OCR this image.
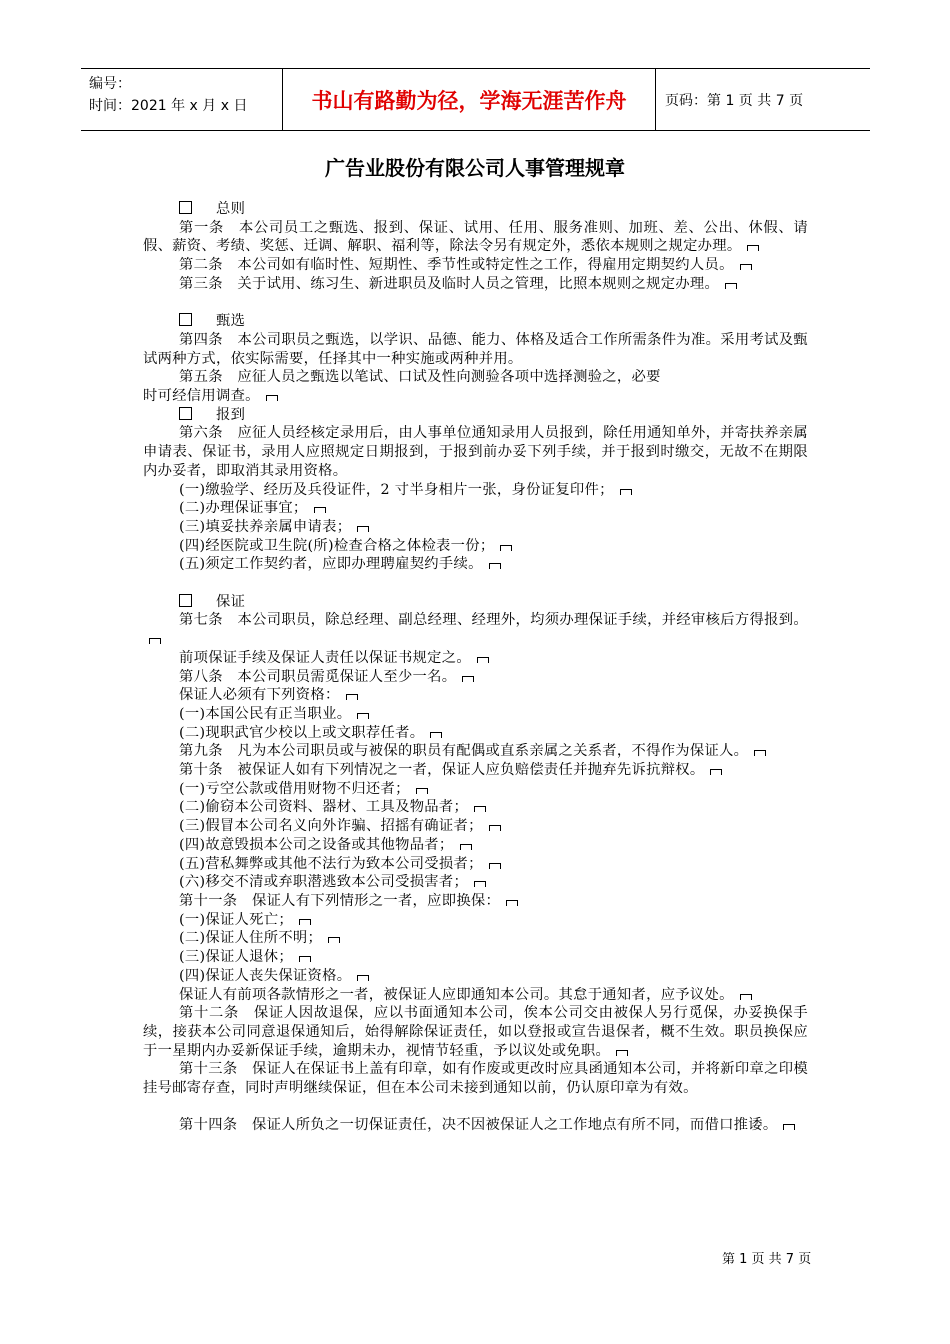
编号：
时间：2021 年 x 月 x 日	书山有路勤为径，学海无涯苦作舟	页码：第 1 页 共 7 页
广告业股份有限公司人事管理规章
总则
第一条　本公司员工之甄选、报到、保证、试用、任用、服务准则、加班、差、公出、休假、请假、薪资、考绩、奖惩、迁调、解职、福利等，除法令另有规定外，悉依本规则之规定办理。
第二条　本公司如有临时性、短期性、季节性或特定性之工作，得雇用定期契约人员。
第三条　关于试用、练习生、新进职员及临时人员之管理，比照本规则之规定办理。
甄选
第四条　本公司职员之甄选，以学识、品德、能力、体格及适合工作所需条件为准。采用考试及甄试两种方式，依实际需要，任择其中一种实施或两种并用。
第五条　应征人员之甄选以笔试、口试及性向测验各项中选择测验之，必要
时可经信用调查。
报到
第六条　应征人员经核定录用后，由人事单位通知录用人员报到，除任用通知单外，并寄扶养亲属申请表、保证书，录用人应照规定日期报到，于报到前办妥下列手续，并于报到时缴交，无故不在期限内办妥者，即取消其录用资格。
(一)缴验学、经历及兵役证件，2 寸半身相片一张，身份证复印件；
(二)办理保证事宜；
(三)填妥扶养亲属申请表；
(四)经医院或卫生院(所)检查合格之体检表一份；
(五)须定工作契约者，应即办理聘雇契约手续。
保证
第七条　本公司职员，除总经理、副总经理、经理外，均须办理保证手续，并经审核后方得报到。
前项保证手续及保证人责任以保证书规定之。
第八条　本公司职员需觅保证人至少一名。
保证人必须有下列资格：
(一)本国公民有正当职业。
(二)现职武官少校以上或文职荐任者。
第九条　凡为本公司职员或与被保的职员有配偶或直系亲属之关系者，不得作为保证人。
第十条　被保证人如有下列情况之一者，保证人应负赔偿责任并抛弃先诉抗辩权。
(一)亏空公款或借用财物不归还者；
(二)偷窃本公司资料、器材、工具及物品者；
(三)假冒本公司名义向外诈骗、招摇有确证者；
(四)故意毁损本公司之设备或其他物品者；
(五)营私舞弊或其他不法行为致本公司受损者；
(六)移交不清或弃职潜逃致本公司受损害者；
第十一条　保证人有下列情形之一者，应即换保：
(一)保证人死亡；
(二)保证人住所不明；
(三)保证人退休；
(四)保证人丧失保证资格。
保证人有前项各款情形之一者，被保证人应即通知本公司。其怠于通知者，应予议处。
第十二条　保证人因故退保，应以书面通知本公司，俟本公司交由被保人另行觅保，办妥换保手续，接获本公司同意退保通知后，始得解除保证责任，如以登报或宣告退保者，概不生效。职员换保应于一星期内办妥新保证手续，逾期未办，视情节轻重，予以议处或免职。
第十三条　保证人在保证书上盖有印章，如有作废或更改时应具函通知本公司，并将新印章之印模挂号邮寄存查，同时声明继续保证，但在本公司未接到通知以前，仍认原印章为有效。
第十四条　保证人所负之一切保证责任，决不因被保证人之工作地点有所不同，而借口推诿。
第 1 页 共 7 页
